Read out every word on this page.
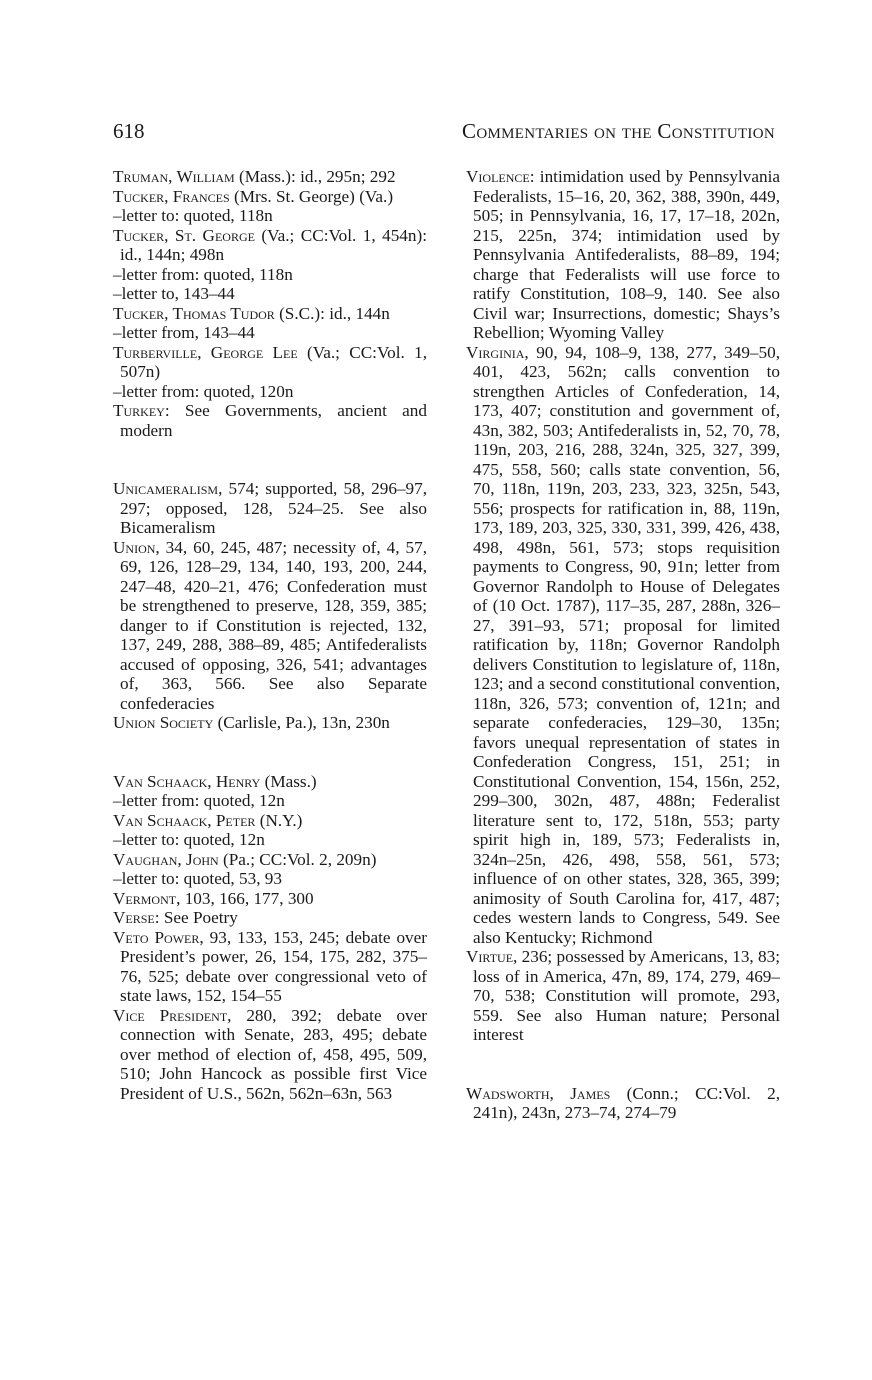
618	Commentaries on the Constitution

Truman, William (Mass.): id., 295n; 292

Tucker, Frances (Mrs. St. George) (Va.)

–letter to: quoted, 118n

Tucker, St. George (Va.; CC:Vol. 1, 454n): id., 144n; 498n

–letter from: quoted, 118n

–letter to, 143–44

Tucker, Thomas Tudor (S.C.): id., 144n

–letter from, 143–44

Turberville, George Lee (Va.; CC:Vol. 1, 507n)

–letter from: quoted, 120n

Turkey: See Governments, ancient and modern

Unicameralism, 574; supported, 58, 296–97, 297; opposed, 128, 524–25. See also Bicameralism

Union, 34, 60, 245, 487; necessity of, 4, 57, 69, 126, 128–29, 134, 140, 193, 200, 244, 247–48, 420–21, 476; Confederation must be strengthened to preserve, 128, 359, 385; danger to if Constitution is rejected, 132, 137, 249, 288, 388–89, 485; Antifederalists accused of opposing, 326, 541; advantages of, 363, 566. See also Separate confederacies

Union Society (Carlisle, Pa.), 13n, 230n

Van Schaack, Henry (Mass.)

–letter from: quoted, 12n

Van Schaack, Peter (N.Y.)

–letter to: quoted, 12n

Vaughan, John (Pa.; CC:Vol. 2, 209n)

–letter to: quoted, 53, 93

Vermont, 103, 166, 177, 300

Verse: See Poetry

Veto Power, 93, 133, 153, 245; debate over President’s power, 26, 154, 175, 282, 375–76, 525; debate over congressional veto of state laws, 152, 154–55

Vice President, 280, 392; debate over connection with Senate, 283, 495; debate over method of election of, 458, 495, 509, 510; John Hancock as possible first Vice President of U.S., 562n, 562n–63n, 563

Violence: intimidation used by Pennsylvania Federalists, 15–16, 20, 362, 388, 390n, 449, 505; in Pennsylvania, 16, 17, 17–18, 202n, 215, 225n, 374; intimidation used by Pennsylvania Antifederalists, 88–89, 194; charge that Federalists will use force to ratify Constitution, 108–9, 140. See also Civil war; Insurrections, domestic; Shays’s Rebellion; Wyoming Valley

Virginia, 90, 94, 108–9, 138, 277, 349–50, 401, 423, 562n; calls convention to strengthen Articles of Confederation, 14, 173, 407; constitution and government of, 43n, 382, 503; Antifederalists in, 52, 70, 78, 119n, 203, 216, 288, 324n, 325, 327, 399, 475, 558, 560; calls state convention, 56, 70, 118n, 119n, 203, 233, 323, 325n, 543, 556; prospects for ratification in, 88, 119n, 173, 189, 203, 325, 330, 331, 399, 426, 438, 498, 498n, 561, 573; stops requisition payments to Congress, 90, 91n; letter from Governor Randolph to House of Delegates of (10 Oct. 1787), 117–35, 287, 288n, 326–27, 391–93, 571; proposal for limited ratification by, 118n; Governor Randolph delivers Constitution to legislature of, 118n, 123; and a second constitutional convention, 118n, 326, 573; convention of, 121n; and separate confederacies, 129–30, 135n; favors unequal representation of states in Confederation Congress, 151, 251; in Constitutional Convention, 154, 156n, 252, 299–300, 302n, 487, 488n; Federalist literature sent to, 172, 518n, 553; party spirit high in, 189, 573; Federalists in, 324n–25n, 426, 498, 558, 561, 573; influence of on other states, 328, 365, 399; animosity of South Carolina for, 417, 487; cedes western lands to Congress, 549. See also Kentucky; Richmond

Virtue, 236; possessed by Americans, 13, 83; loss of in America, 47n, 89, 174, 279, 469–70, 538; Constitution will promote, 293, 559. See also Human nature; Personal interest

Wadsworth, James (Conn.; CC:Vol. 2, 241n), 243n, 273–74, 274–79
